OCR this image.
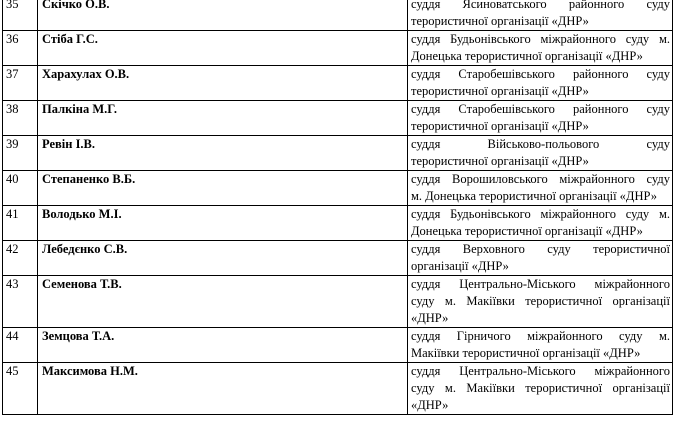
35	Скічко О.В.	суддя Ясиноватського районного суду
терористичної організації «ДНР»

36	Стіба Г.С.	суддя Будьонівського міжрайонного суду м.
Донецька терористичної організації «ДНР»

37	Харахулах О.В.	суддя Старобешівського районного суду
терористичної організації «ДНР»

38	Палкіна М.Г.	суддя Старобешівського районного суду
терористичної організації «ДНР»

39	Ревін І.В.	суддя Військово-польового суду
терористичної організації «ДНР»

40	Степаненко В.Б.	суддя Ворошиловського міжрайонного суду
м. Донецька терористичної організації «ДНР»

41	Володько М.І.	суддя Будьонівського міжрайонного суду м.
Донецька терористичної організації «ДНР»

42	Лебедєнко С.В.	суддя Верховного суду терористичної
організації «ДНР»

43	Семенова Т.В.	суддя Центрально-Міського міжрайонного
суду м. Макіївки терористичної організації
«ДНР»

44	Земцова Т.А.	суддя Гірничого міжрайонного суду м.
Макіївки терористичної організації «ДНР»

45	Максимова Н.М.	суддя Центрально-Міського міжрайонного
суду м. Макіївки терористичної організації
«ДНР»
